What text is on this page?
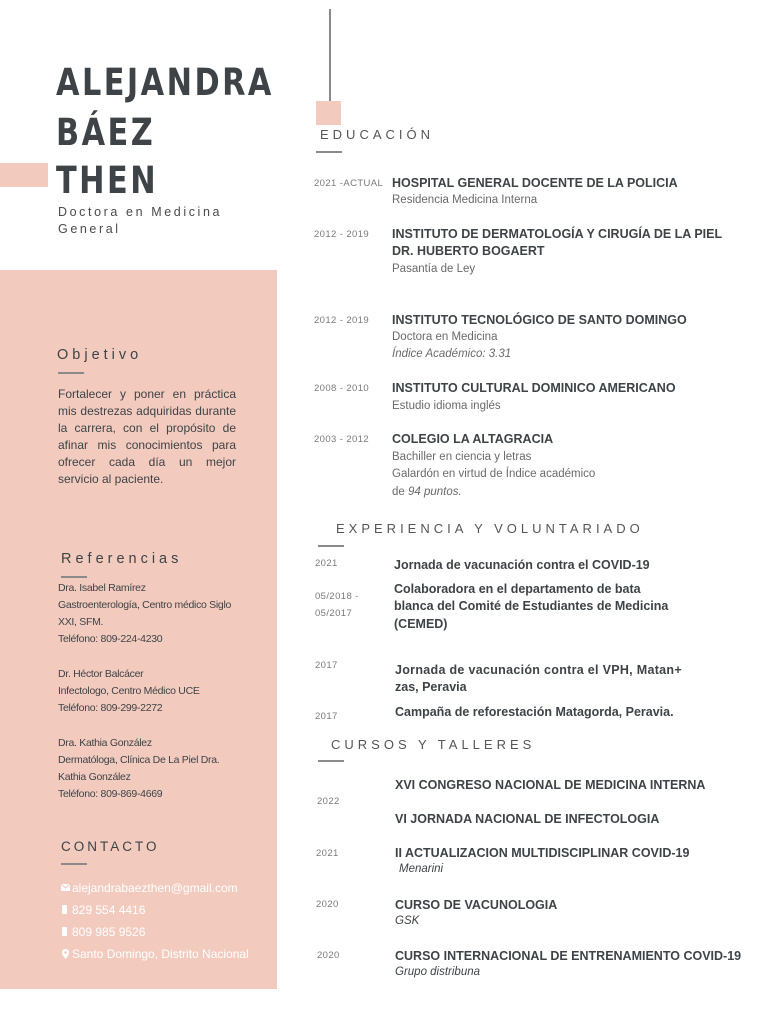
ALEJANDRA
BÁEZ
THEN
Doctora en Medicina
General
Objetivo
Fortalecer y poner en práctica mis destrezas adquiridas durante la carrera, con el propósito de afinar mis conocimientos para ofrecer cada día un mejor servicio al paciente.
Referencias
Dra. Isabel Ramírez
Gastroenterología, Centro médico Siglo
XXI, SFM.
Teléfono: 809-224-4230
Dr. Héctor Balcácer
Infectologo, Centro Médico UCE
Teléfono: 809-299-2272
Dra. Kathia González
Dermatóloga, Clínica De La Piel Dra.
Kathia González
Teléfono: 809-869-4669
CONTACTO
alejandrabaezthen@gmail.com
829 554 4416
809 985 9526
Santo Domingo, Distrito Nacional
EDUCACIÓN
2021 -ACTUAL HOSPITAL GENERAL DOCENTE DE LA POLICIA
Residencia Medicina Interna
2012 - 2019 INSTITUTO DE DERMATOLOGÍA Y CIRUGÍA DE LA PIEL
DR. HUBERTO BOGAERT
Pasantía de Ley
2012 - 2019 INSTITUTO TECNOLÓGICO DE SANTO DOMINGO
Doctora en Medicina
Índice Académico: 3.31
2008 - 2010 INSTITUTO CULTURAL DOMINICO AMERICANO
Estudio idioma inglés
2003 - 2012 COLEGIO LA ALTAGRACIA
Bachiller en ciencia y letras
Galardón en virtud de Índice académico
de 94 puntos.
EXPERIENCIA Y VOLUNTARIADO
2021	Jornada de vacunación contra el COVID-19
05/2018 -
05/2017
Colaboradora en el departamento de bata
blanca del Comité de Estudiantes de Medicina
(CEMED)
2017	Jornada de vacunación contra el VPH, Matan+
zas, Peravia
2017	Campaña de reforestación Matagorda, Peravia.
CURSOS Y TALLERES
2022
XVI CONGRESO NACIONAL DE MEDICINA INTERNA
VI JORNADA NACIONAL DE INFECTOLOGIA
2021	II ACTUALIZACION MULTIDISCIPLINAR COVID-19
Menarini
2020	CURSO DE VACUNOLOGIA
GSK
2020	CURSO INTERNACIONAL DE ENTRENAMIENTO COVID-19
Grupo distribuna
